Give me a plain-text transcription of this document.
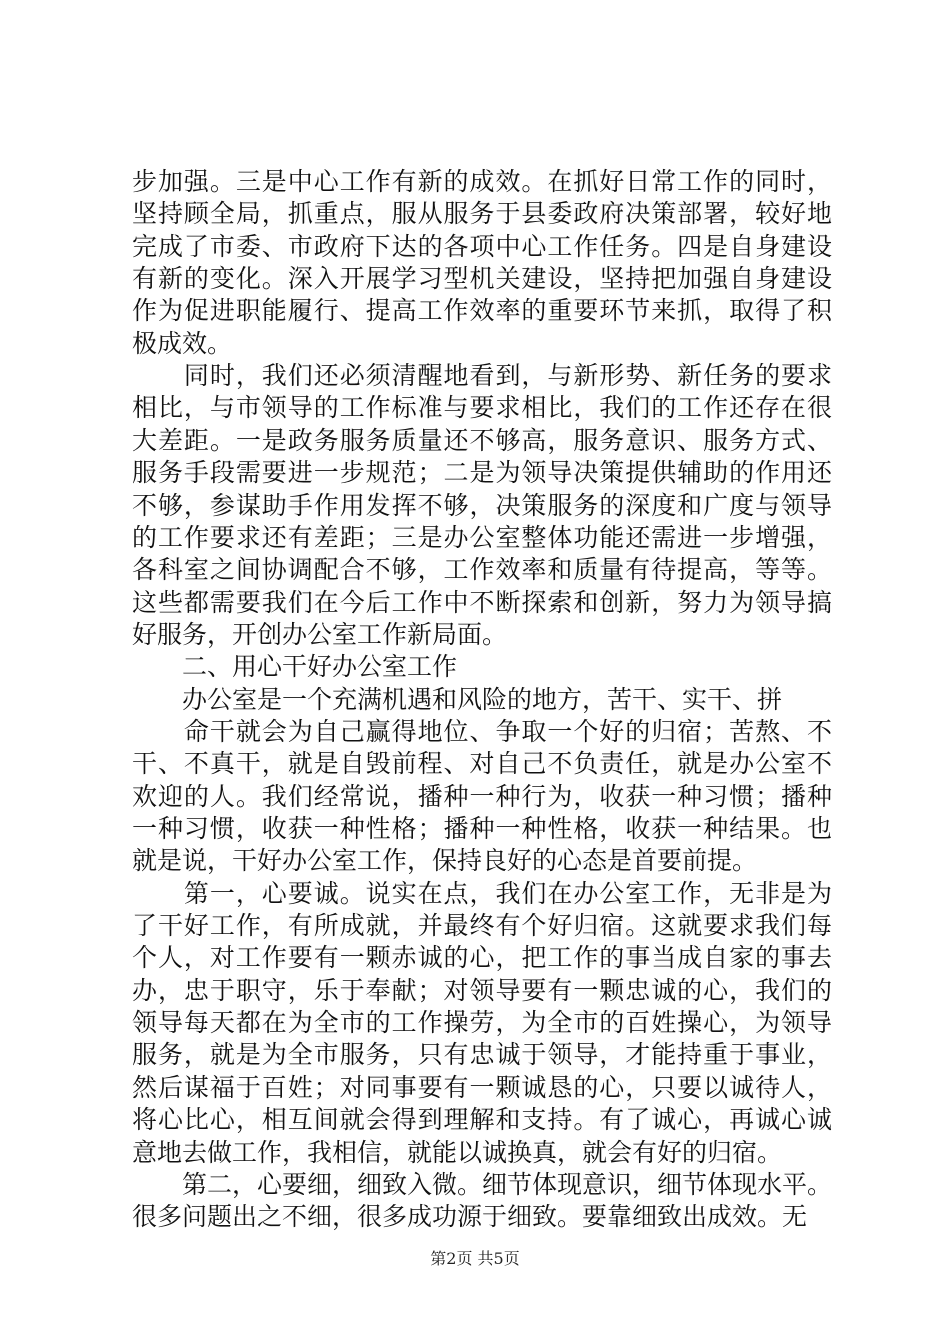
步加强。三是中心工作有新的成效。在抓好日常工作的同时，
坚持顾全局，抓重点，服从服务于县委政府决策部署，较好地
完成了市委、市政府下达的各项中心工作任务。四是自身建设
有新的变化。深入开展学习型机关建设，坚持把加强自身建设
作为促进职能履行、提高工作效率的重要环节来抓，取得了积
极成效。
　　同时，我们还必须清醒地看到，与新形势、新任务的要求
相比，与市领导的工作标准与要求相比，我们的工作还存在很
大差距。一是政务服务质量还不够高，服务意识、服务方式、
服务手段需要进一步规范；二是为领导决策提供辅助的作用还
不够，参谋助手作用发挥不够，决策服务的深度和广度与领导
的工作要求还有差距；三是办公室整体功能还需进一步增强，
各科室之间协调配合不够，工作效率和质量有待提高，等等。
这些都需要我们在今后工作中不断探索和创新，努力为领导搞
好服务，开创办公室工作新局面。
　　二、用心干好办公室工作
　　办公室是一个充满机遇和风险的地方，苦干、实干、拼
　　命干就会为自己赢得地位、争取一个好的归宿；苦熬、不
干、不真干，就是自毁前程、对自己不负责任，就是办公室不
欢迎的人。我们经常说，播种一种行为，收获一种习惯；播种
一种习惯，收获一种性格；播种一种性格，收获一种结果。也
就是说，干好办公室工作，保持良好的心态是首要前提。
　　第一，心要诚。说实在点，我们在办公室工作，无非是为
了干好工作，有所成就，并最终有个好归宿。这就要求我们每
个人，对工作要有一颗赤诚的心，把工作的事当成自家的事去
办，忠于职守，乐于奉献；对领导要有一颗忠诚的心，我们的
领导每天都在为全市的工作操劳，为全市的百姓操心，为领导
服务，就是为全市服务，只有忠诚于领导，才能持重于事业，
然后谋福于百姓；对同事要有一颗诚恳的心，只要以诚待人，
将心比心，相互间就会得到理解和支持。有了诚心，再诚心诚
意地去做工作，我相信，就能以诚换真，就会有好的归宿。
　　第二，心要细，细致入微。细节体现意识，细节体现水平。
很多问题出之不细，很多成功源于细致。要靠细致出成效。无
第2页 共5页
